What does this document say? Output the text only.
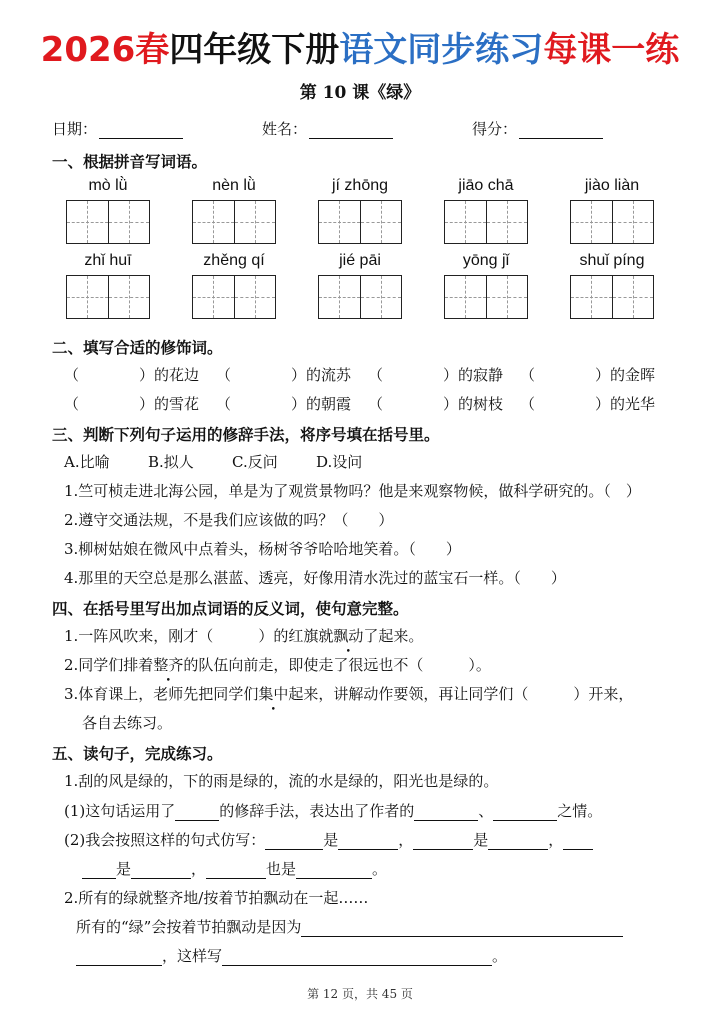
2026春四年级下册语文同步练习每课一练
第 10 课《绿》
日期：	姓名：	得分：
一、根据拼音写词语。
mò lǜ	nèn lǜ	jí zhōng	jiāo chā	jiào liàn
zhǐ huī	zhěng qí	jié pāi	yōng jǐ	shuǐ píng
二、填写合适的修饰词。
（　　　　）的花边 （　　　　）的流苏 （　　　　）的寂静 （　　　　）的金晖
（　　　　）的雪花 （　　　　）的朝霞 （　　　　）的树枝 （　　　　）的光华
三、判断下列句子运用的修辞手法，将序号填在括号里。
A.比喻	B.拟人	C.反问	D.设问
1.竺可桢走进北海公园，单是为了观赏景物吗？他是来观察物候，做科学研究的。（　）
2.遵守交通法规，不是我们应该做的吗？（　　）
3.柳树姑娘在微风中点着头，杨树爷爷哈哈地笑着。（　　）
4.那里的天空总是那么湛蓝、透亮，好像用清水洗过的蓝宝石一样。（　　）
四、在括号里写出加点词语的反义词，使句意完整。
1.一阵风吹来，刚才（　　　）的红旗就飘动了起来。
2.同学们排着整齐的队伍向前走，即使走了很远也不（　　　）。
3.体育课上，老师先把同学们集中起来，讲解动作要领，再让同学们（　　　）开来，
各自去练习。
五、读句子，完成练习。
1.刮的风是绿的，下的雨是绿的，流的水是绿的，阳光也是绿的。
(1)这句话运用了	的修辞手法，表达出了作者的	、	之情。
(2)我会按照这样的句式仿写：	是	，	是	，
是	，	也是	。
2.所有的绿就整齐地/按着节拍飘动在一起……
所有的“绿”会按着节拍飘动是因为
，这样写	。
第 12 页，共 45 页
